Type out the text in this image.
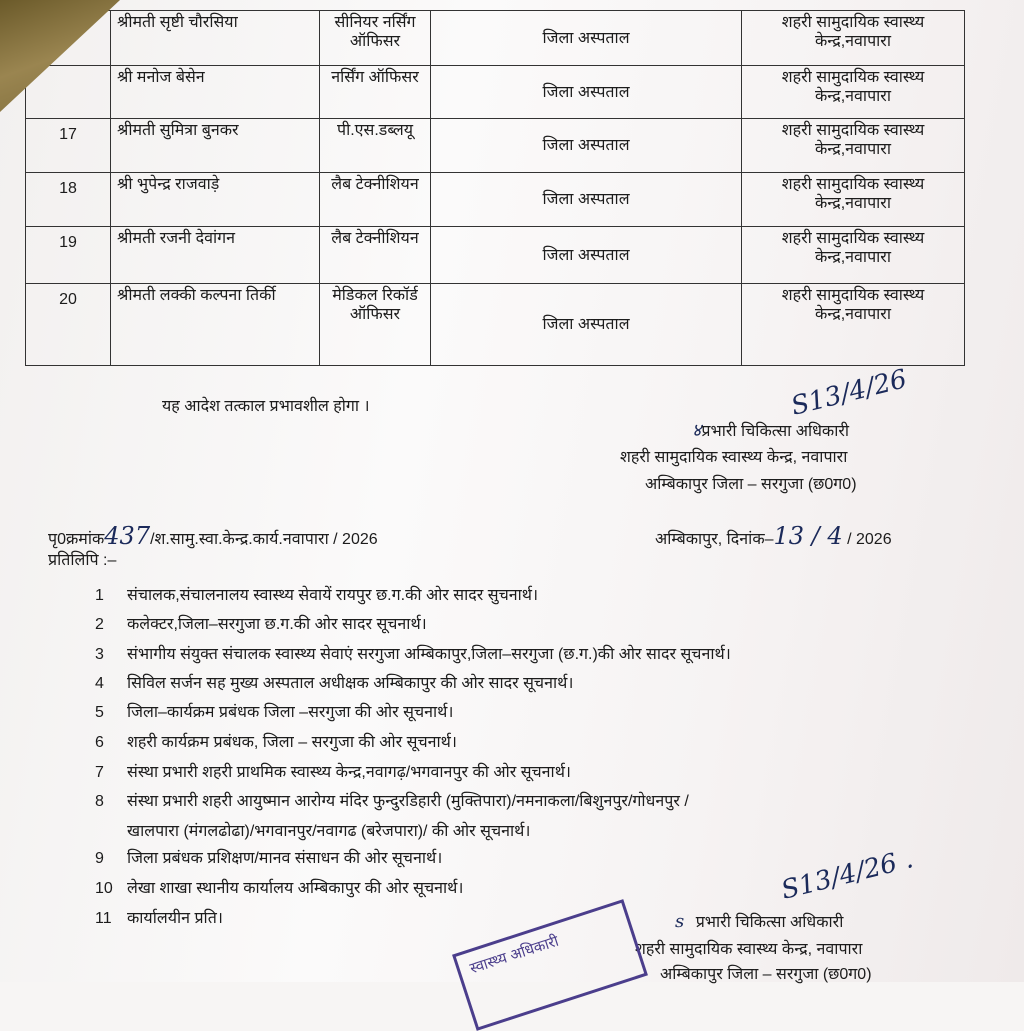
	श्रीमती सृष्टी चौरसिया	सीनियर नर्सिंग ऑफिसर	जिला अस्पताल	शहरी सामुदायिक स्वास्थ्य केन्द्र,नवापारा
	श्री मनोज बेसेन	नर्सिंग ऑफिसर	जिला अस्पताल	शहरी सामुदायिक स्वास्थ्य केन्द्र,नवापारा
17	श्रीमती सुमित्रा बुनकर	पी.एस.डब्लयू	जिला अस्पताल	शहरी सामुदायिक स्वास्थ्य केन्द्र,नवापारा
18	श्री भुपेन्द्र राजवाड़े	लैब टेक्नीशियन	जिला अस्पताल	शहरी सामुदायिक स्वास्थ्य केन्द्र,नवापारा
19	श्रीमती रजनी देवांगन	लैब टेक्नीशियन	जिला अस्पताल	शहरी सामुदायिक स्वास्थ्य केन्द्र,नवापारा
20	श्रीमती लक्की कल्पना तिर्की	मेडिकल रिकॉर्ड ऑफिसर	जिला अस्पताल	शहरी सामुदायिक स्वास्थ्य केन्द्र,नवापारा
यह आदेश तत्काल प्रभावशील होगा ।	S13/4/26
४प्रभारी चिकित्सा अधिकारी
शहरी सामुदायिक स्वास्थ्य केन्द्र, नवापारा
अम्बिकापुर जिला – सरगुजा (छ0ग0)
पृ0क्रमांक437/श.सामु.स्वा.केन्द्र.कार्य.नवापारा / 2026	अम्बिकापुर, दिनांक–13 / 4 / 2026
प्रतिलिपि :–
1 संचालक,संचालनालय स्वास्थ्य सेवायें रायपुर छ.ग.की ओर सादर सुचनार्थ।
2 कलेक्टर,जिला–सरगुजा छ.ग.की ओर सादर सूचनार्थ।
3 संभागीय संयुक्त संचालक स्वास्थ्य सेवाएं सरगुजा अम्बिकापुर,जिला–सरगुजा (छ.ग.)की ओर सादर सूचनार्थ।
4 सिविल सर्जन सह मुख्य अस्पताल अधीक्षक अम्बिकापुर की ओर सादर सूचनार्थ।
5 जिला–कार्यक्रम प्रबंधक जिला –सरगुजा की ओर सूचनार्थ।
6 शहरी कार्यक्रम प्रबंधक, जिला – सरगुजा की ओर सूचनार्थ।
7 संस्था प्रभारी शहरी प्राथमिक स्वास्थ्य केन्द्र,नवागढ़/भगवानपुर की ओर सूचनार्थ।
8 संस्था प्रभारी शहरी आयुष्मान आरोग्य मंदिर फुन्दुरडिहारी (मुक्तिपारा)/नमनाकला/बिशुनपुर/गोधनपुर /
खालपारा (मंगलढोढा)/भगवानपुर/नवागढ (बरेजपारा)/ की ओर सूचनार्थ।
9 जिला प्रबंधक प्रशिक्षण/मानव संसाधन की ओर सूचनार्थ।
10 लेखा शाखा स्थानीय कार्यालय अम्बिकापुर की ओर सूचनार्थ।
11 कार्यालयीन प्रति।
S13/4/26 .
s  प्रभारी चिकित्सा अधिकारी
शहरी सामुदायिक स्वास्थ्य केन्द्र, नवापारा
अम्बिकापुर जिला – सरगुजा (छ0ग0)
स्वास्थ्य अधिकारी
